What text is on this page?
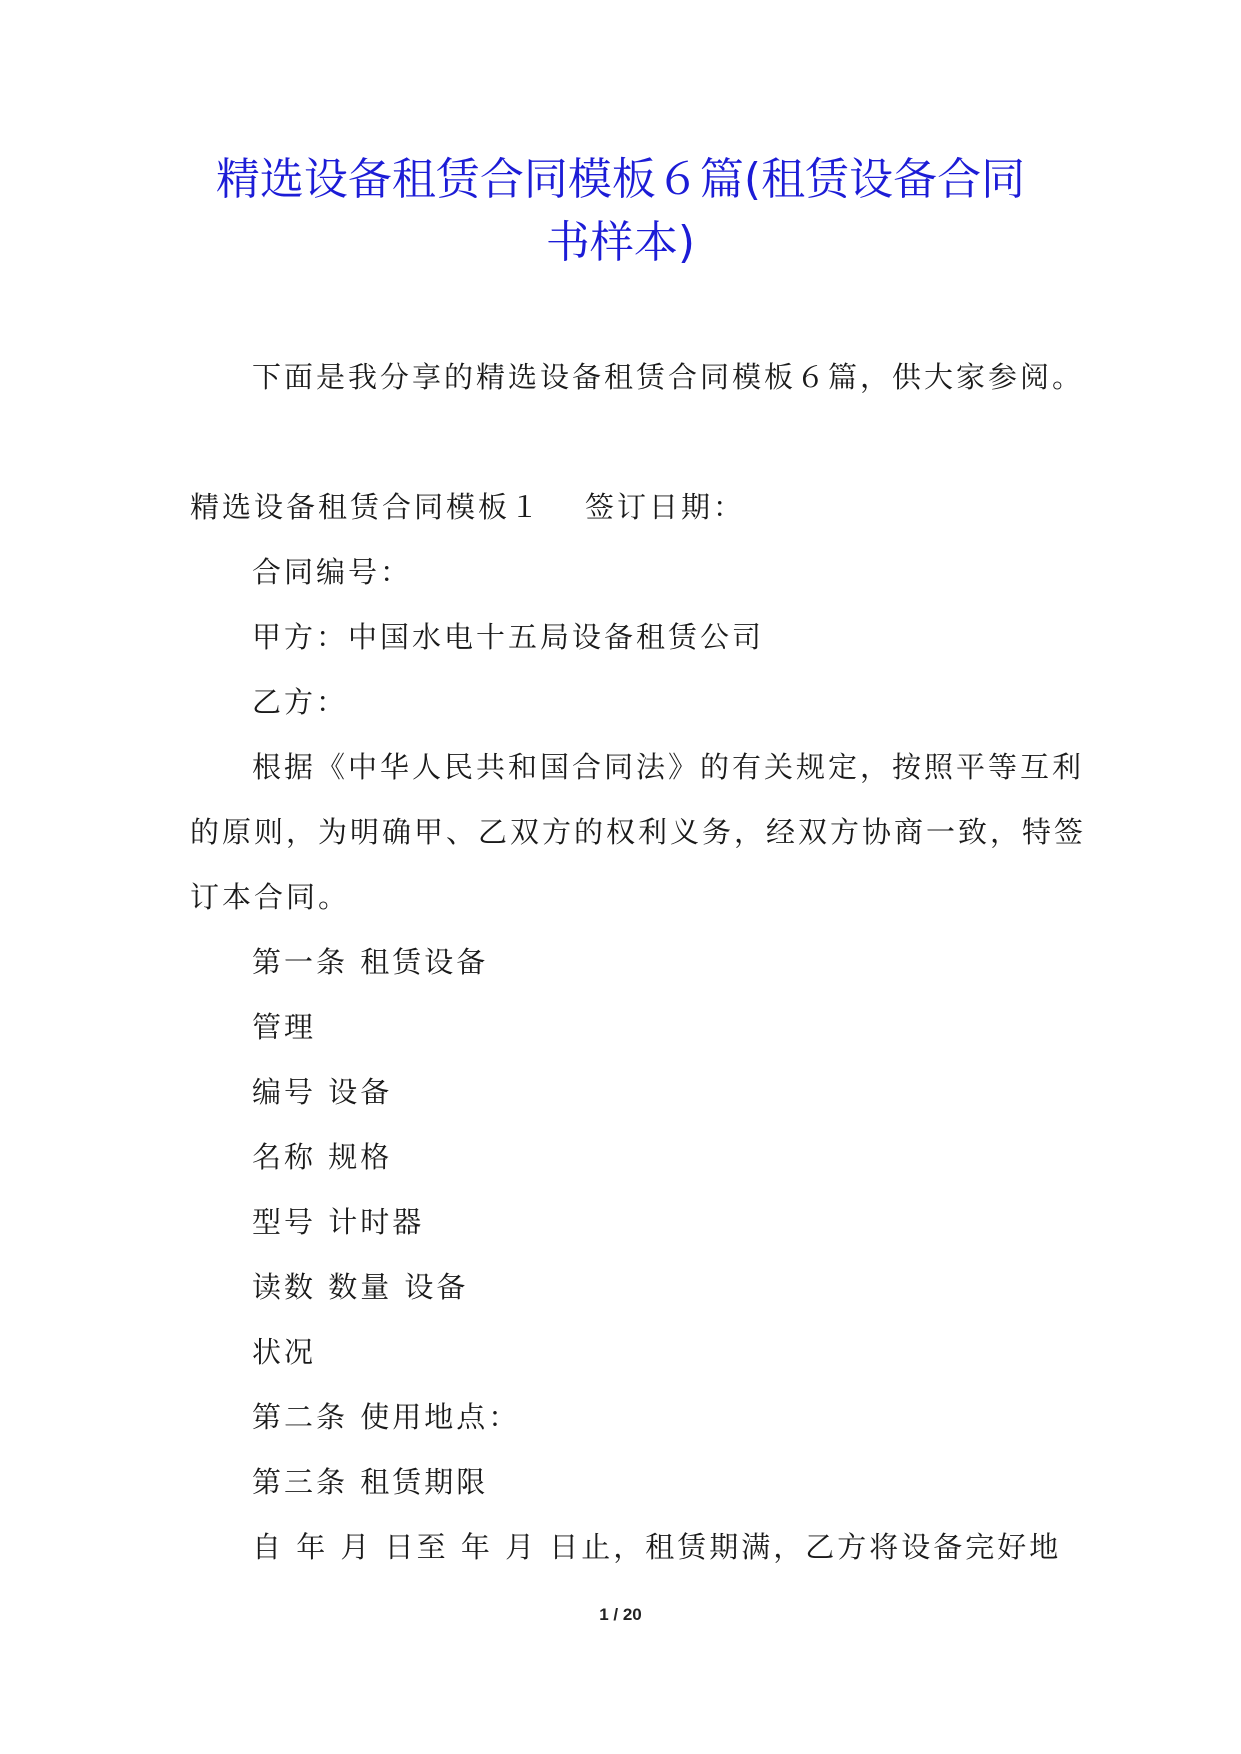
精选设备租赁合同模板６篇(租赁设备合同
书样本)
下面是我分享的精选设备租赁合同模板６篇，供大家参阅。
精选设备租赁合同模板１ 签订日期：
合同编号：
甲方：中国水电十五局设备租赁公司
乙方：
根据《中华人民共和国合同法》的有关规定，按照平等互利
的原则，为明确甲、乙双方的权利义务，经双方协商一致，特签
订本合同。
第一条 租赁设备
管理
编号 设备
名称 规格
型号 计时器
读数 数量 设备
状况
第二条 使用地点：
第三条 租赁期限
自 年 月 日至 年 月 日止，租赁期满，乙方将设备完好地
1 / 20
